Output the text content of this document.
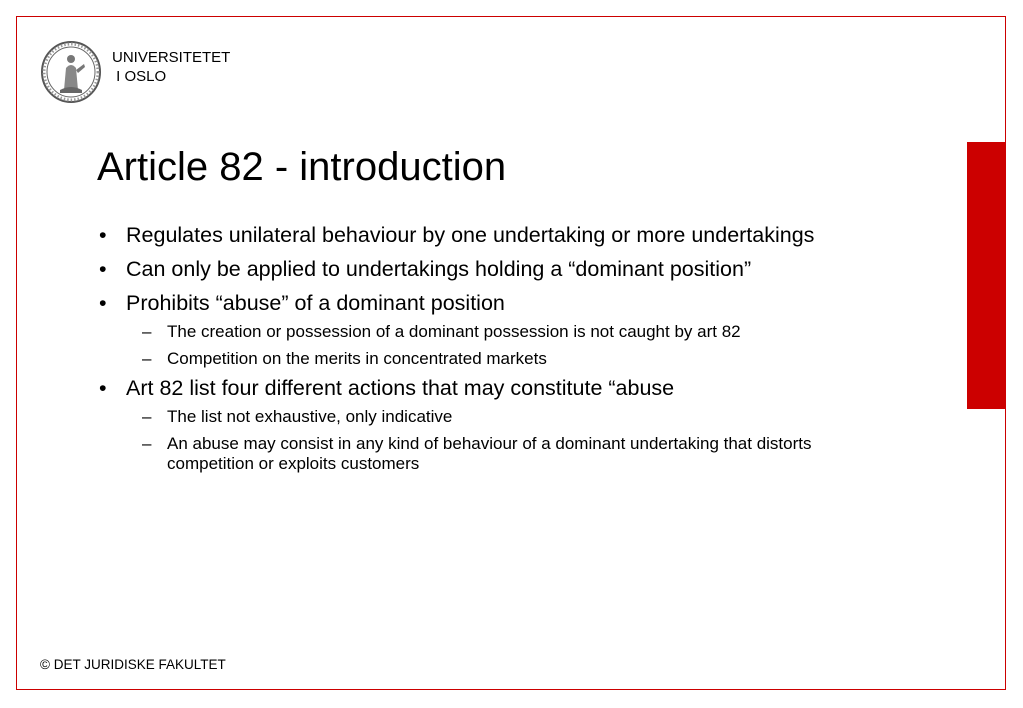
UNIVERSITETET
I OSLO
Article 82 - introduction
• Regulates unilateral behaviour by one undertaking or more undertakings
• Can only be applied to undertakings holding a “dominant position”
• Prohibits “abuse” of a dominant position
– The creation or possession of a dominant possession is not caught by art 82
– Competition on the merits in concentrated markets
• Art 82 list four different actions that may constitute “abuse
– The list not exhaustive, only indicative
– An abuse may consist in any kind of behaviour of a dominant undertaking that distorts competition or exploits customers
© DET JURIDISKE FAKULTET
